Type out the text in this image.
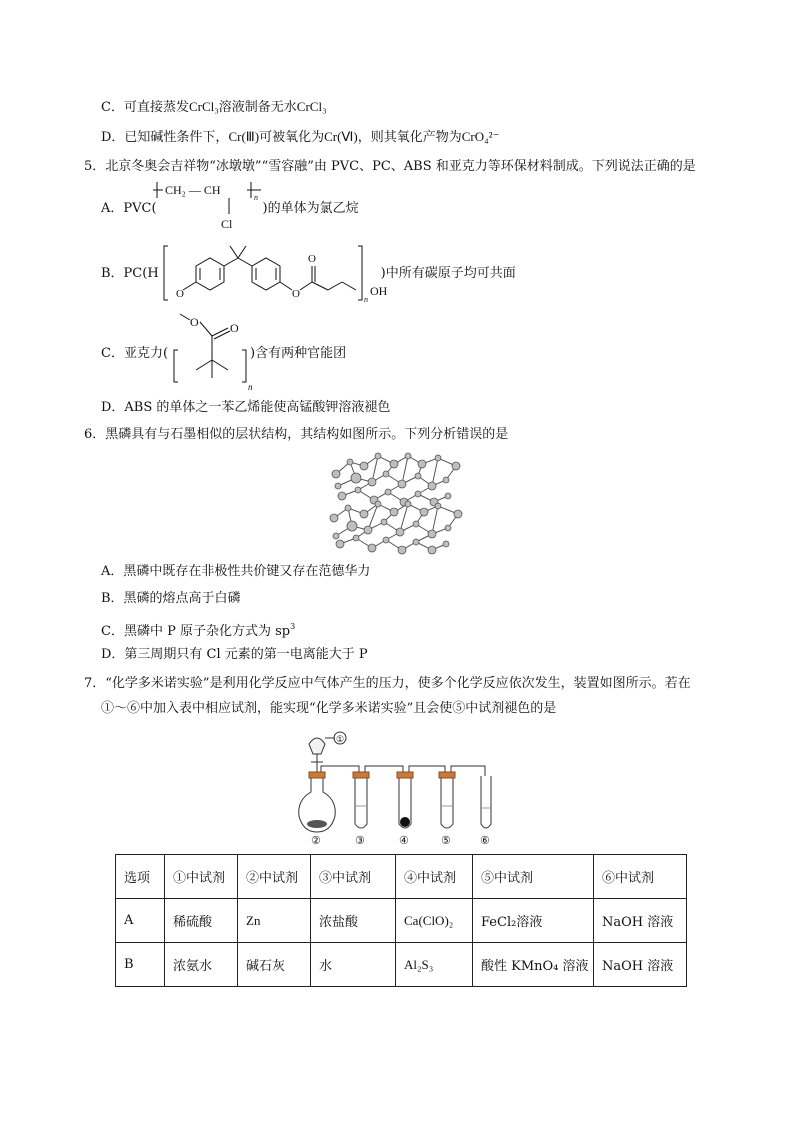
C．可直接蒸发CrCl₃溶液制备无水CrCl₃
D．已知碱性条件下，Cr(Ⅲ)可被氧化为Cr(Ⅵ)，则其氧化产物为CrO₄²⁻
5．北京冬奥会吉祥物“冰墩墩”“雪容融”由 PVC、PC、ABS 和亚克力等环保材料制成。下列说法正确的是
A．PVC(	)的单体为氯乙烷
CH₂ — CH
n
Cl
B．PC(H	)中所有碳原子均可共面
n
O	O
O
OH
C．亚克力(	)含有两种官能团
O	O
n
D．ABS 的单体之一苯乙烯能使高锰酸钾溶液褪色
6．黑磷具有与石墨相似的层状结构，其结构如图所示。下列分析错误的是
A．黑磷中既存在非极性共价键又存在范德华力
B．黑磷的熔点高于白磷
C．黑磷中 P 原子杂化方式为 $sp^3$
D．第三周期只有 Cl 元素的第一电离能大于 P
7．“化学多米诺实验”是利用化学反应中气体产生的压力，使多个化学反应依次发生，装置如图所示。若在
①～⑥中加入表中相应试剂，能实现“化学多米诺实验”且会使⑤中试剂褪色的是
①
②	③	④	⑤	⑥
选项	①中试剂	②中试剂	③中试剂	④中试剂	⑤中试剂	⑥中试剂
A	稀硫酸	Zn	浓盐酸	Ca(ClO)₂	FeCl₂溶液	NaOH 溶液
B	浓氨水	碱石灰	水	Al₂S₃	酸性 KMnO₄ 溶液	NaOH 溶液
